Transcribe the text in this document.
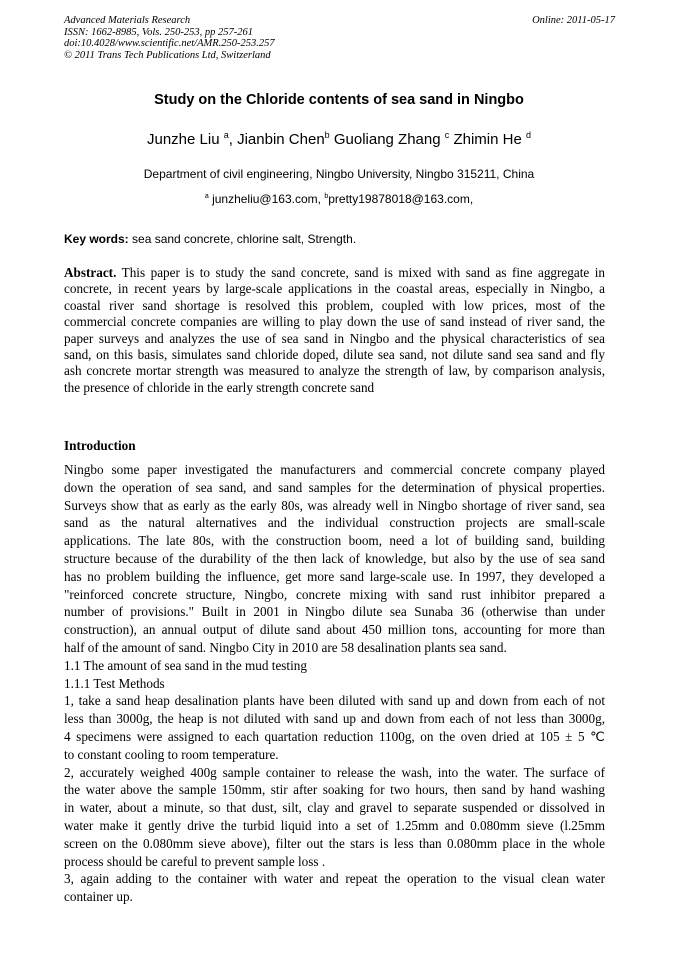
Advanced Materials Research
ISSN: 1662-8985, Vols. 250-253, pp 257-261
doi:10.4028/www.scientific.net/AMR.250-253.257
© 2011 Trans Tech Publications Ltd, Switzerland
Online: 2011-05-17
Study on the Chloride contents of sea sand in Ningbo
Junzhe Liu $^a$, Jianbin Chen$^b$ Guoliang Zhang $^c$ Zhimin He $^d$
Department of civil engineering, Ningbo University, Ningbo 315211, China
$^a$ junzheliu@163.com, $^b$pretty19878018@163.com,
Key words: sea sand concrete, chlorine salt, Strength.
Abstract. This paper is to study the sand concrete, sand is mixed with sand as fine aggregate in
concrete, in recent years by large-scale applications in the coastal areas, especially in Ningbo, a
coastal river sand shortage is resolved this problem, coupled with low prices, most of the
commercial concrete companies are willing to play down the use of sand instead of river sand, the
paper surveys and analyzes the use of sea sand in Ningbo and the physical characteristics of sea
sand, on this basis, simulates sand chloride doped, dilute sea sand, not dilute sand sea sand and fly
ash concrete mortar strength was measured to analyze the strength of law, by comparison analysis,
the presence of chloride in the early strength concrete sand
Introduction
Ningbo some paper investigated the manufacturers and commercial concrete company played
down the operation of sea sand, and sand samples for the determination of physical properties.
Surveys show that as early as the early 80s, was already well in Ningbo shortage of river sand, sea
sand as the natural alternatives and the individual construction projects are small-scale
applications. The late 80s, with the construction boom, need a lot of building sand, building
structure because of the durability of the then lack of knowledge, but also by the use of sea sand
has no problem building the influence, get more sand large-scale use. In 1997, they developed a
"reinforced concrete structure, Ningbo, concrete mixing with sand rust inhibitor prepared a
number of provisions." Built in 2001 in Ningbo dilute sea Sunaba 36 (otherwise than under
construction), an annual output of dilute sand about 450 million tons, accounting for more than
half of the amount of sand. Ningbo City in 2010 are 58 desalination plants sea sand.
1.1 The amount of sea sand in the mud testing
1.1.1 Test Methods
1, take a sand heap desalination plants have been diluted with sand up and down from each of not
less than 3000g, the heap is not diluted with sand up and down from each of not less than 3000g,
4 specimens were assigned to each quartation reduction 1100g, on the oven dried at 105 ± 5 ℃
to constant cooling to room temperature.
2, accurately weighed 400g sample container to release the wash, into the water. The surface of
the water above the sample 150mm, stir after soaking for two hours, then sand by hand washing
in water, about a minute, so that dust, silt, clay and gravel to separate suspended or dissolved in
water make it gently drive the turbid liquid into a set of 1.25mm and 0.080mm sieve (l.25mm
screen on the 0.080mm sieve above), filter out the stars is less than 0.080mm place in the whole
process should be careful to prevent sample loss .
3, again adding to the container with water and repeat the operation to the visual clean water
container up.
